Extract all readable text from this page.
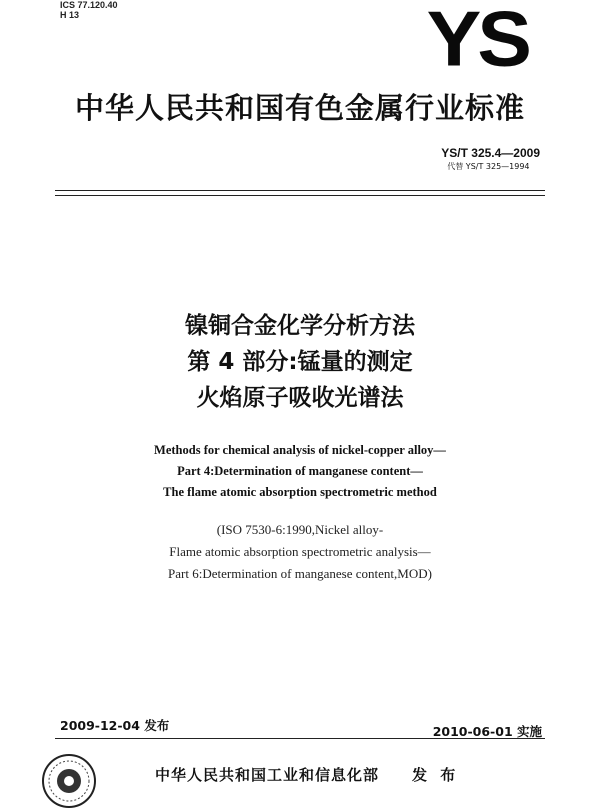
ICS 77.120.40
H 13	YS
中华人民共和国有色金属行业标准
YS/T 325.4—2009
代替 YS/T 325—1994
镍铜合金化学分析方法
第 4 部分:锰量的测定
火焰原子吸收光谱法
Methods for chemical analysis of nickel-copper alloy—
Part 4:Determination of manganese content—
The flame atomic absorption spectrometric method
(ISO 7530-6:1990,Nickel alloy-
Flame atomic absorption spectrometric analysis—
Part 6:Determination of manganese content,MOD)
2009-12-04 发布	2010-06-01 实施
中华人民共和国工业和信息化部 发 布
